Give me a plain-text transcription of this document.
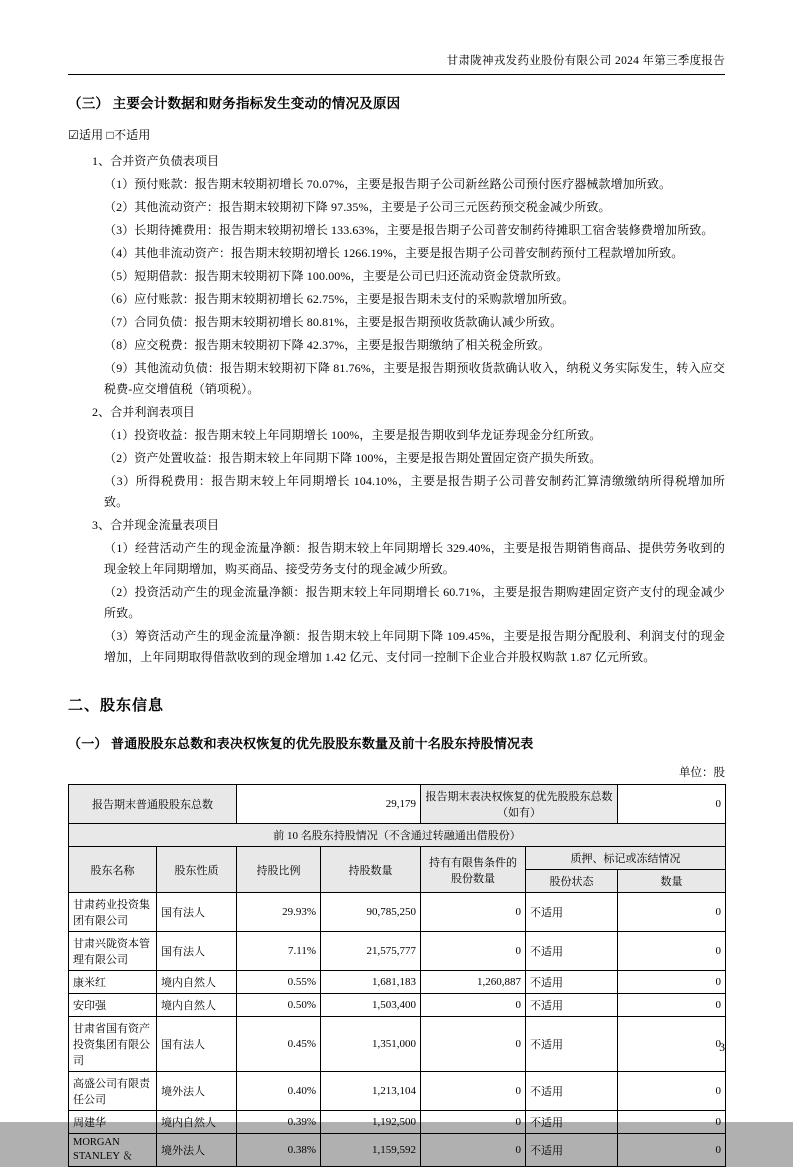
甘肃陇神戎发药业股份有限公司 2024 年第三季度报告
（三） 主要会计数据和财务指标发生变动的情况及原因
☑适用 □不适用

1、合并资产负债表项目

（1）预付账款：报告期末较期初增长 70.07%，主要是报告期子公司新丝路公司预付医疗器械款增加所致。

（2）其他流动资产：报告期末较期初下降 97.35%，主要是子公司三元医药预交税金减少所致。

（3）长期待摊费用：报告期末较期初增长 133.63%，主要是报告期子公司普安制药待摊职工宿舍装修费增加所致。

（4）其他非流动资产：报告期末较期初增长 1266.19%，主要是报告期子公司普安制药预付工程款增加所致。

（5）短期借款：报告期末较期初下降 100.00%，主要是公司已归还流动资金贷款所致。

（6）应付账款：报告期末较期初增长 62.75%，主要是报告期未支付的采购款增加所致。

（7）合同负债：报告期末较期初增长 80.81%，主要是报告期预收货款确认减少所致。

（8）应交税费：报告期末较期初下降 42.37%，主要是报告期缴纳了相关税金所致。

（9）其他流动负债：报告期末较期初下降 81.76%，主要是报告期预收货款确认收入，纳税义务实际发生，转入应交税费-应交增值税（销项税）。

2、合并利润表项目

（1）投资收益：报告期末较上年同期增长 100%，主要是报告期收到华龙证券现金分红所致。

（2）资产处置收益：报告期末较上年同期下降 100%，主要是报告期处置固定资产损失所致。

（3）所得税费用：报告期末较上年同期增长 104.10%，主要是报告期子公司普安制药汇算清缴缴纳所得税增加所致。

3、合并现金流量表项目

（1）经营活动产生的现金流量净额：报告期末较上年同期增长 329.40%，主要是报告期销售商品、提供劳务收到的现金较上年同期增加，购买商品、接受劳务支付的现金减少所致。

（2）投资活动产生的现金流量净额：报告期末较上年同期增长 60.71%，主要是报告期购建固定资产支付的现金减少所致。

（3）筹资活动产生的现金流量净额：报告期末较上年同期下降 109.45%，主要是报告期分配股利、利润支付的现金增加，上年同期取得借款收到的现金增加 1.42 亿元、支付同一控制下企业合并股权购款 1.87 亿元所致。

二、股东信息
（一） 普通股股东总数和表决权恢复的优先股股东数量及前十名股东持股情况表
单位：股
报告期末普通股股东总数		29,179		报告期末表决权恢复的优先股股东总数（如有）		0
前 10 名股东持股情况（不含通过转融通出借股份）						
股东名称	股东性质	持股比例	持股数量	持有有限售条件的股份数量	质押、标记或冻结情况	
					股份状态	数量
甘肃药业投资集团有限公司	国有法人	29.93%	90,785,250	0	不适用	0
甘肃兴陇资本管理有限公司	国有法人	7.11%	21,575,777	0	不适用	0
康米红	境内自然人	0.55%	1,681,183	1,260,887	不适用	0
安印强	境内自然人	0.50%	1,503,400	0	不适用	0
甘肃省国有资产投资集团有限公司	国有法人	0.45%	1,351,000	0	不适用	0
高盛公司有限责任公司	境外法人	0.40%	1,213,104	0	不适用	0
周建华	境内自然人	0.39%	1,192,500	0	不适用	0
MORGAN STANLEY ＆	境外法人	0.38%	1,159,592	0	不适用	0
3
